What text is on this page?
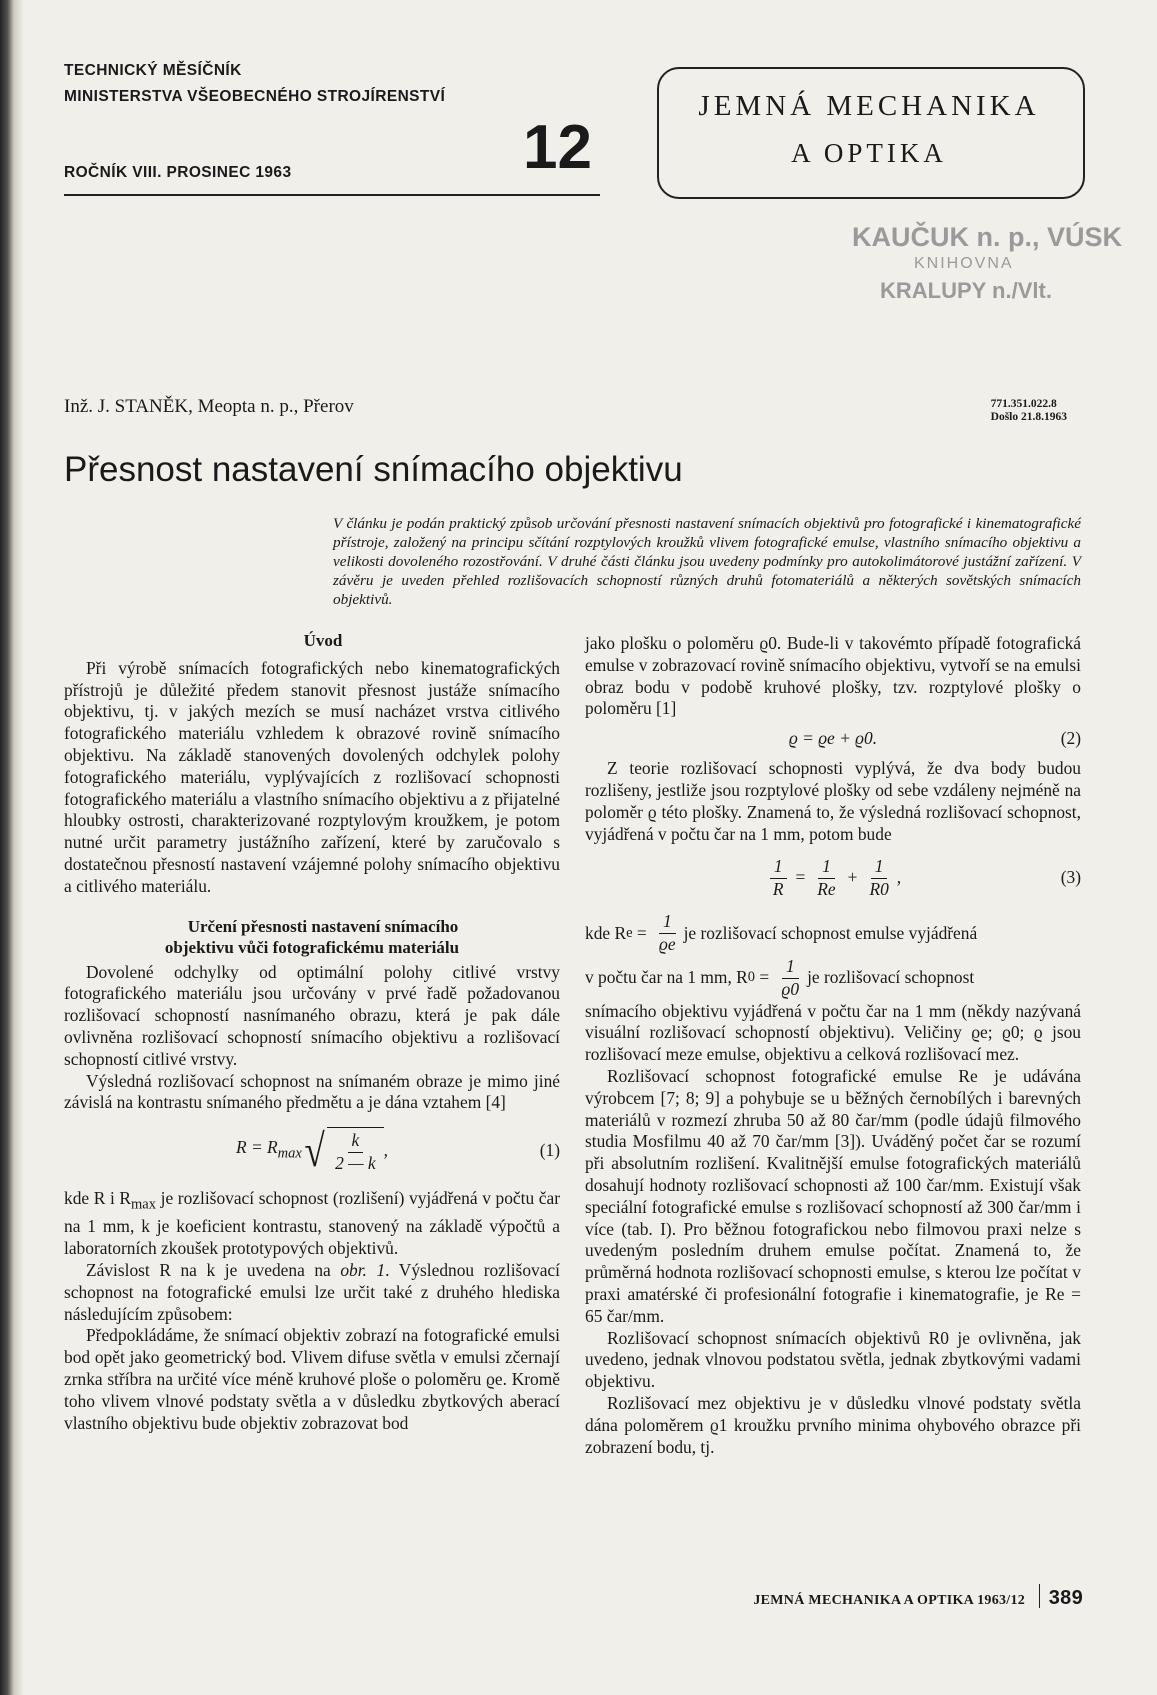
TECHNICKÝ MĚSÍČNÍK
MINISTERSTVA VŠEOBECNÉHO STROJÍRENSTVÍ
ROČNÍK VIII. PROSINEC 1963	12
JEMNÁ MECHANIKA
A OPTIKA
KAUČUK n. p., VÚSK
KNIHOVNA
KRALUPY n./Vlt.
Inž. J. STANĚK, Meopta n. p., Přerov	771.351.022.8
Došlo 21.8.1963
Přesnost nastavení snímacího objektivu
V článku je podán praktický způsob určování přesnosti nastavení snímacích objektivů pro fotografické i kinematografické přístroje, založený na principu sčítání rozptylových kroužků vlivem fotografické emulse, vlastního snímacího objektivu a velikosti dovoleného rozostřování. V druhé části článku jsou uvedeny podmínky pro autokolimátorové justážní zařízení. V závěru je uveden přehled rozlišovacích schopností různých druhů fotomateriálů a některých sovětských snímacích objektivů.

Úvod

Při výrobě snímacích fotografických nebo kinematografických přístrojů je důležité předem stanovit přesnost justáže snímacího objektivu, tj. v jakých mezích se musí nacházet vrstva citlivého fotografického materiálu vzhledem k obrazové rovině snímacího objektivu. Na základě stanovených dovolených odchylek polohy fotografického materiálu, vyplývajících z rozlišovací schopnosti fotografického materiálu a vlastního snímacího objektivu a z přijatelné hloubky ostrosti, charakterizované rozptylovým kroužkem, je potom nutné určit parametry justážního zařízení, které by zaručovalo s dostatečnou přesností nastavení vzájemné polohy snímacího objektivu a citlivého materiálu.

Určení přesnosti nastavení snímacího
objektivu vůči fotografickému materiálu

Dovolené odchylky od optimální polohy citlivé vrstvy fotografického materiálu jsou určovány v prvé řadě požadovanou rozlišovací schopností nasnímaného obrazu, která je pak dále ovlivněna rozlišovací schopností snímacího objektivu a rozlišovací schopností citlivé vrstvy.

Výsledná rozlišovací schopnost na snímaném obraze je mimo jiné závislá na kontrastu snímaného předmětu a je dána vztahem [4]

$R = R_{max}$ √ $\frac{k}{2 — k}$ ,	(1)

kde R i $R_{max}$ je rozlišovací schopnost (rozlišení) vyjádřená v počtu čar na 1 mm, k je koeficient kontrastu, stanovený na základě výpočtů a laboratorních zkoušek prototypových objektivů.

Závislost R na k je uvedena na obr. 1. Výslednou rozlišovací schopnost na fotografické emulsi lze určit také z druhého hlediska následujícím způsobem:

Předpokládáme, že snímací objektiv zobrazí na fotografické emulsi bod opět jako geometrický bod. Vlivem difuse světla v emulsi zčernají zrnka stříbra na určité více méně kruhové ploše o poloměru ϱe. Kromě toho vlivem vlnové podstaty světla a v důsledku zbytkových aberací vlastního objektivu bude objektiv zobrazovat bod

jako plošku o poloměru ϱ0. Bude-li v takovémto případě fotografická emulse v zobrazovací rovině snímacího objektivu, vytvoří se na emulsi obraz bodu v podobě kruhové plošky, tzv. rozptylové plošky o poloměru [1]

ϱ = ϱe + ϱ0.	(2)

Z teorie rozlišovací schopnosti vyplývá, že dva body budou rozlišeny, jestliže jsou rozptylové plošky od sebe vzdáleny nejméně na poloměr ϱ této plošky. Znamená to, že výsledná rozlišovací schopnost, vyjádřená v počtu čar na 1 mm, potom bude

$\frac{1}{R} = \frac{1}{Re} + \frac{1}{R0}$ ,	(3)

kde R $e = \frac{1}{ϱe}$ je rozlišovací schopnost emulse vyjádřená

v počtu čar na 1 mm, R $0 = \frac{1}{ϱ0}$ je rozlišovací schopnost

snímacího objektivu vyjádřená v počtu čar na 1 mm (někdy nazývaná visuální rozlišovací schopností objektivu). Veličiny ϱe; ϱ0; ϱ jsou rozlišovací meze emulse, objektivu a celková rozlišovací mez.

Rozlišovací schopnost fotografické emulse Re je udávána výrobcem [7; 8; 9] a pohybuje se u běžných černobílých i barevných materiálů v rozmezí zhruba 50 až 80 čar/mm (podle údajů filmového studia Mosfilmu 40 až 70 čar/mm [3]). Uváděný počet čar se rozumí při absolutním rozlišení. Kvalitnější emulse fotografických materiálů dosahují hodnoty rozlišovací schopnosti až 100 čar/mm. Existují však speciální fotografické emulse s rozlišovací schopností až 300 čar/mm i více (tab. I). Pro běžnou fotografickou nebo filmovou praxi nelze s uvedeným posledním druhem emulse počítat. Znamená to, že průměrná hodnota rozlišovací schopnosti emulse, s kterou lze počítat v praxi amatérské či profesionální fotografie i kinematografie, je Re = 65 čar/mm.

Rozlišovací schopnost snímacích objektivů R0 je ovlivněna, jak uvedeno, jednak vlnovou podstatou světla, jednak zbytkovými vadami objektivu.

Rozlišovací mez objektivu je v důsledku vlnové podstaty světla dána poloměrem ϱ1 kroužku prvního minima ohybového obrazce při zobrazení bodu, tj.

JEMNÁ MECHANIKA A OPTIKA 1963/12 389
